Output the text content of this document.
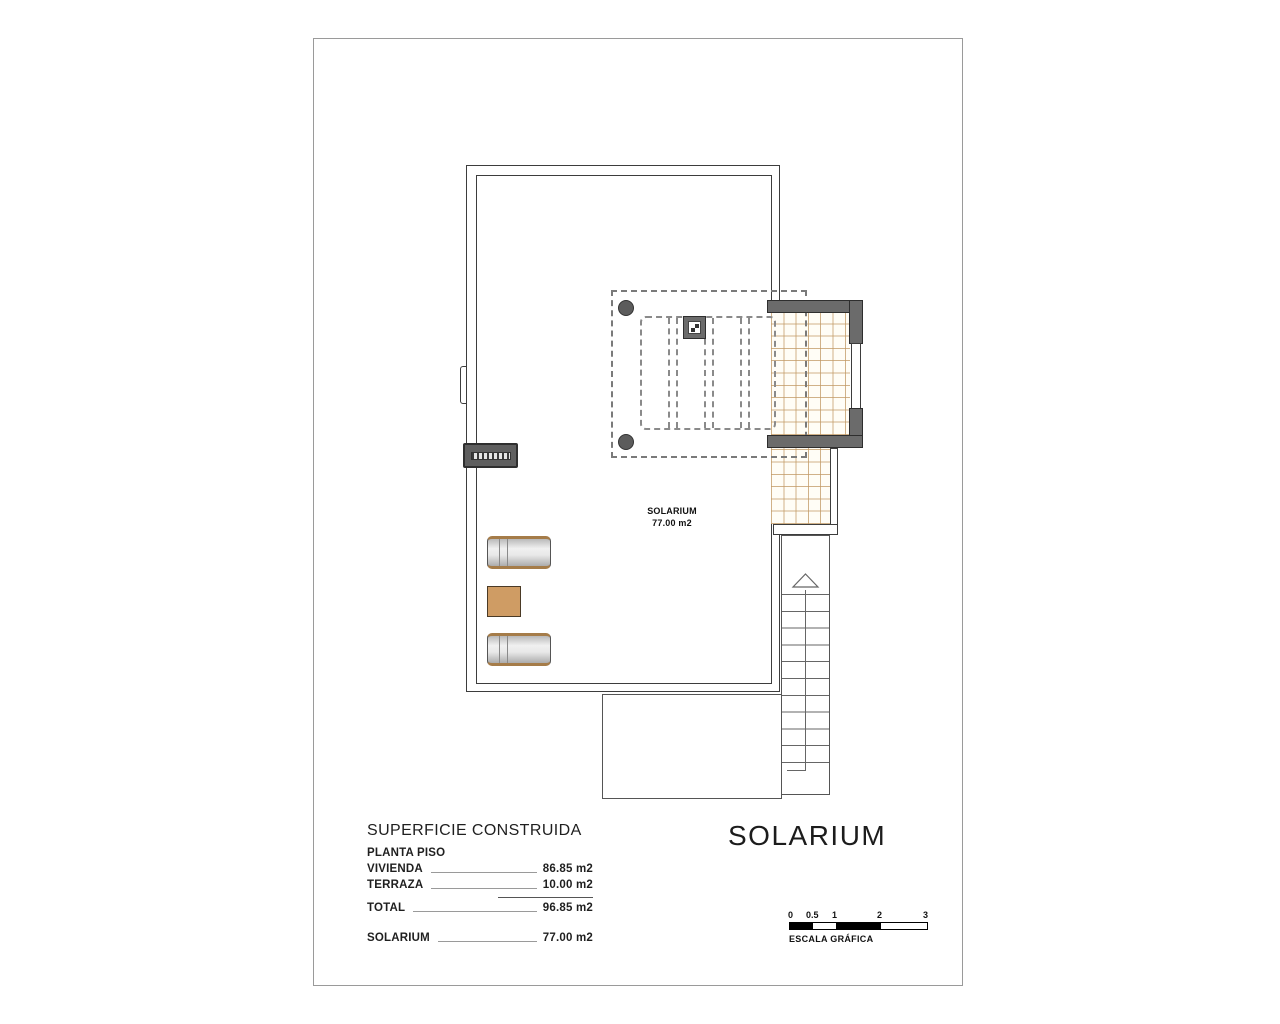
SOLARIUM
77.00 m2
SOLARIUM
SUPERFICIE CONSTRUIDA
PLANTA PISO
VIVIENDA	86.85 m2
TERRAZA	10.00 m2
TOTAL	96.85 m2
SOLARIUM	77.00 m2
0 0.5 1	2	3
ESCALA GRÁFICA
